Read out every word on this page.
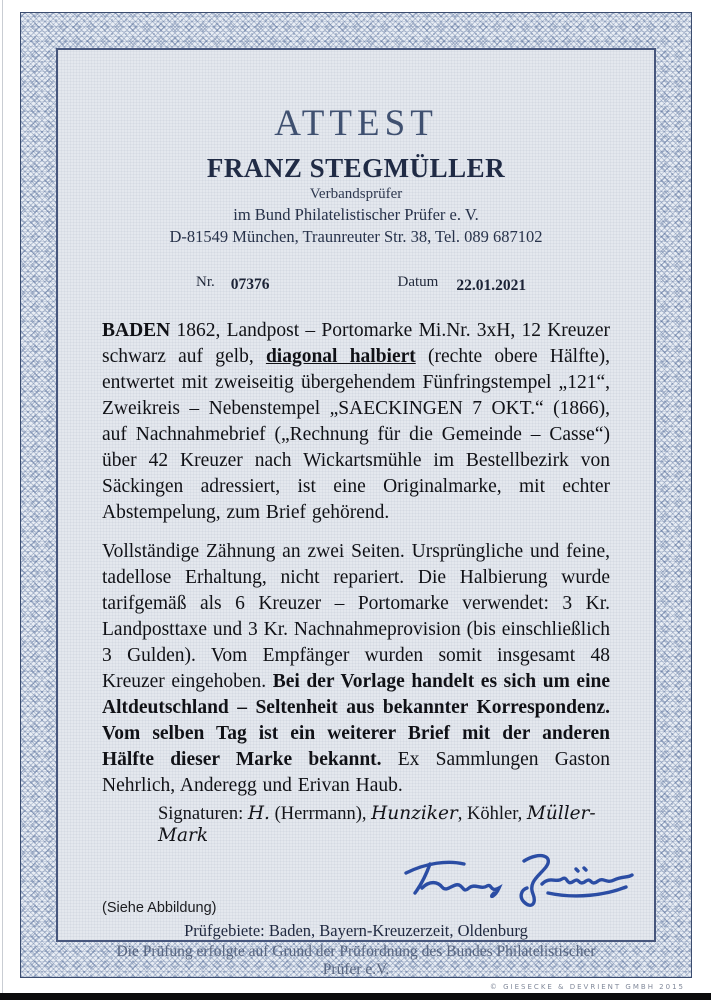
ATTEST
FRANZ STEGMÜLLER
Verbandsprüfer
im Bund Philatelistischer Prüfer e. V.
D-81549 München, Traunreuter Str. 38, Tel. 089 687102
Nr. 07376	Datum 22.01.2021

BADEN 1862, Landpost – Portomarke Mi.Nr. 3xH, 12 Kreuzer schwarz auf gelb, diagonal halbiert (rechte obere Hälfte), entwertet mit zweiseitig übergehendem Fünfringstempel „121“, Zweikreis – Nebenstempel „SAECKINGEN 7 OKT.“ (1866), auf Nachnahmebrief („Rechnung für die Gemeinde – Casse“) über 42 Kreuzer nach Wickartsmühle im Bestellbezirk von Säckingen adressiert, ist eine Originalmarke, mit echter Abstempelung, zum Brief gehörend.

Vollständige Zähnung an zwei Seiten. Ursprüngliche und feine, tadellose Erhaltung, nicht repariert. Die Halbierung wurde tarifgemäß als 6 Kreuzer – Portomarke verwendet: 3 Kr. Landposttaxe und 3 Kr. Nachnahmeprovision (bis einschließlich 3 Gulden). Vom Empfänger wurden somit insgesamt 48 Kreuzer eingehoben. Bei der Vorlage handelt es sich um eine Altdeutschland – Seltenheit aus bekannter Korrespondenz. Vom selben Tag ist ein weiterer Brief mit der anderen Hälfte dieser Marke bekannt. Ex Sammlungen Gaston Nehrlich, Anderegg und Erivan Haub.

Signaturen: H. (Herrmann), Hunziker, Köhler, Müller-Mark	Franz Stegmüller
(Siehe Abbildung)
Prüfgebiete: Baden, Bayern-Kreuzerzeit, Oldenburg
Die Prüfung erfolgte auf Grund der Prüfordnung des Bundes Philatelistischer Prüfer e.V.
© GIESECKE & DEVRIENT GMBH 2015
